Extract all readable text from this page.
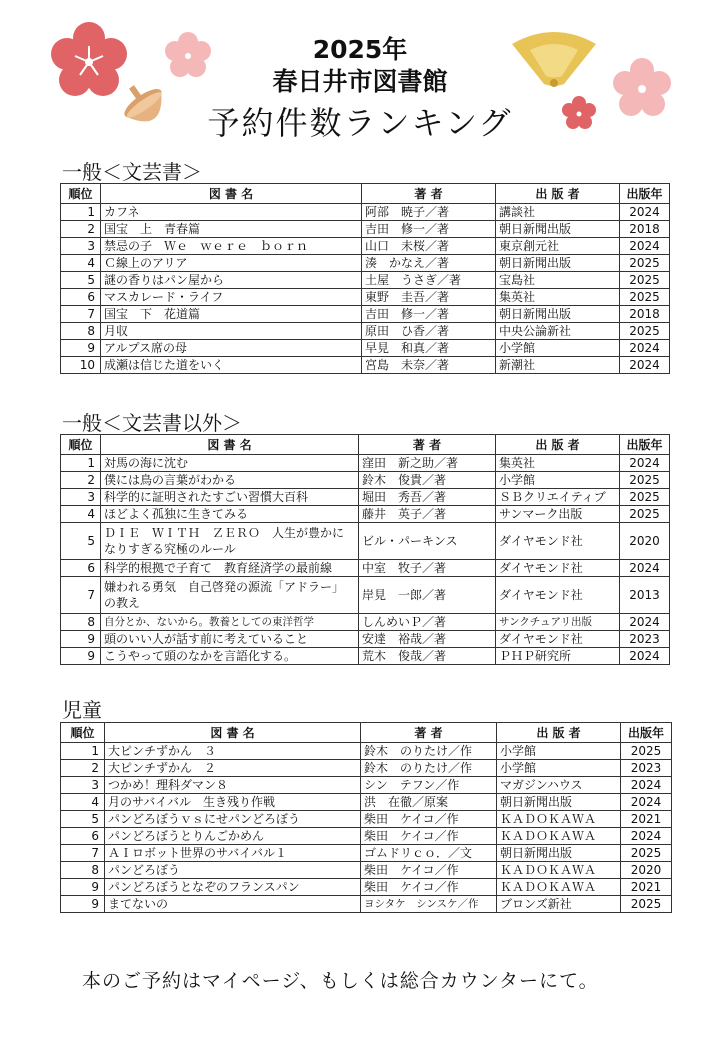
2025年
春日井市図書館
予約件数ランキング
一般＜文芸書＞
順位	図 書 名	著 者	出 版 者	出版年
1	カフネ	阿部　暁子／著	講談社	2024
2	国宝　上　青春篇	吉田　修一／著	朝日新聞出版	2018
3	禁忌の子　Ｗｅ　ｗｅｒｅ　ｂｏｒｎ	山口　未桜／著	東京創元社	2024
4	Ｃ線上のアリア	湊　かなえ／著	朝日新聞出版	2025
5	謎の香りはパン屋から	土屋　うさぎ／著	宝島社	2025
6	マスカレード・ライフ	東野　圭吾／著	集英社	2025
7	国宝　下　花道篇	吉田　修一／著	朝日新聞出版	2018
8	月収	原田　ひ香／著	中央公論新社	2025
9	アルプス席の母	早見　和真／著	小学館	2024
10	成瀬は信じた道をいく	宮島　未奈／著	新潮社	2024
一般＜文芸書以外＞
順位	図 書 名	著 者	出 版 者	出版年
1	対馬の海に沈む	窪田　新之助／著	集英社	2024
2	僕には鳥の言葉がわかる	鈴木　俊貴／著	小学館	2025
3	科学的に証明されたすごい習慣大百科	堀田　秀吾／著	ＳＢクリエイティブ	2025
4	ほどよく孤独に生きてみる	藤井　英子／著	サンマーク出版	2025
5	ＤＩＥ　ＷＩＴＨ　ＺＥＲＯ　人生が豊かになりすぎる究極のルール	ビル・パーキンス	ダイヤモンド社	2020
6	科学的根拠で子育て　教育経済学の最前線	中室　牧子／著	ダイヤモンド社	2024
7	嫌われる勇気　自己啓発の源流「アドラー」の教え	岸見　一郎／著	ダイヤモンド社	2013
8	自分とか、ないから。教養としての東洋哲学	しんめいＰ／著	サンクチュアリ出版	2024
9	頭のいい人が話す前に考えていること	安達　裕哉／著	ダイヤモンド社	2023
9	こうやって頭のなかを言語化する。	荒木　俊哉／著	ＰＨＰ研究所	2024
児童
順位	図 書 名	著 者	出 版 者	出版年
1	大ピンチずかん　３	鈴木　のりたけ／作	小学館	2025
2	大ピンチずかん　２	鈴木　のりたけ／作	小学館	2023
3	つかめ！理科ダマン８	シン　テフン／作	マガジンハウス	2024
4	月のサバイバル　生き残り作戦	洪　在徹／原案	朝日新聞出版	2024
5	パンどろぼうｖｓにせパンどろぼう	柴田　ケイコ／作	ＫＡＤＯＫＡＷＡ	2021
6	パンどろぼうとりんごかめん	柴田　ケイコ／作	ＫＡＤＯＫＡＷＡ	2024
7	ＡＩロボット世界のサバイバル１	ゴムドリｃｏ．／文	朝日新聞出版	2025
8	パンどろぼう	柴田　ケイコ／作	ＫＡＤＯＫＡＷＡ	2020
9	パンどろぼうとなぞのフランスパン	柴田　ケイコ／作	ＫＡＤＯＫＡＷＡ	2021
9	まてないの	ヨシタケ　シンスケ／作	ブロンズ新社	2025
本のご予約はマイページ、もしくは総合カウンターにて。
